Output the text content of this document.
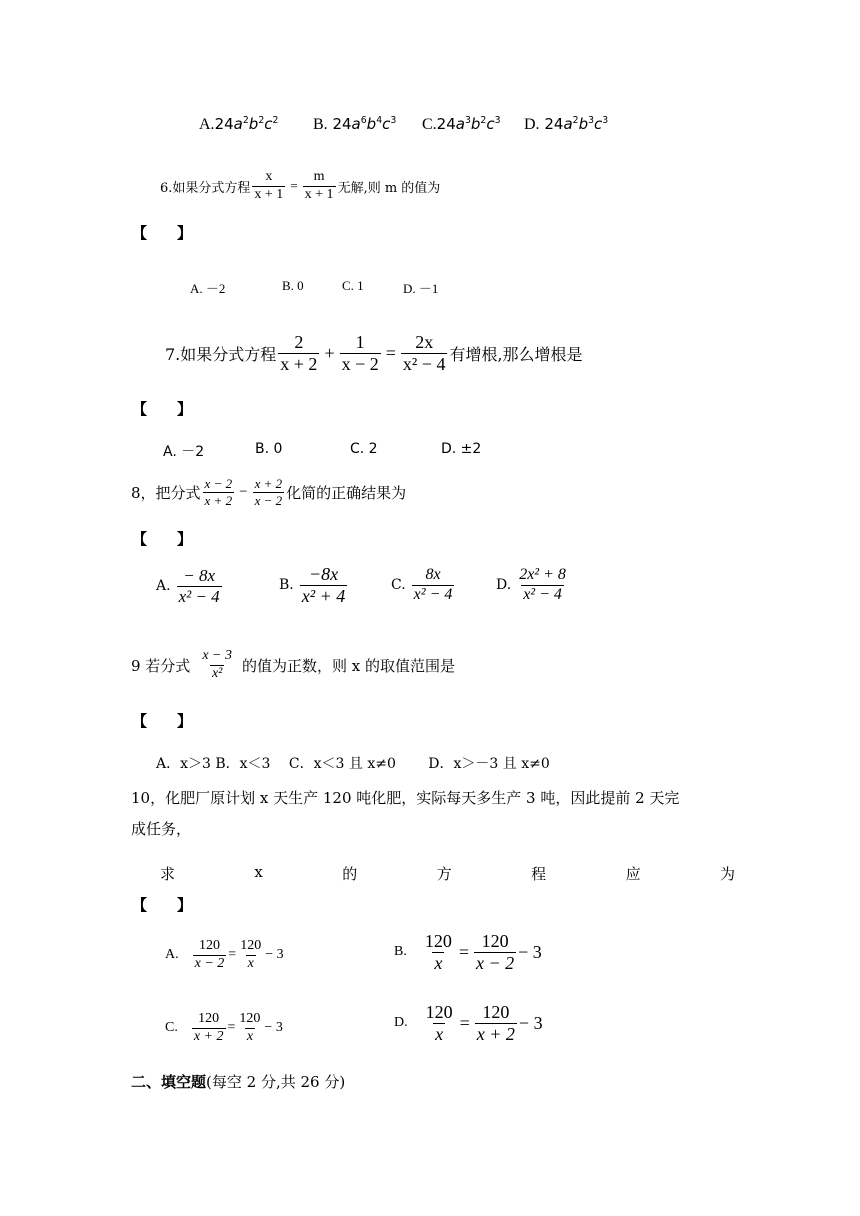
$A.24a^2b^2c^2$ B. $24a^6b^4c^3$ $C.24a^3b^2c^3$ D. $24a^2b^3c^3$
6.如果分式方程 $\frac{x}{x + 1} = \frac{m}{x + 1}$ 无解,则 m 的值为
【　　】
A. －2	B. 0	C. 1	D. －1
7.如果分式方程 $\frac{2}{x + 2} + \frac{1}{x - 2} = \frac{2x}{\text{x² − 4}}$ 有增根,那么增根是
【　　】
A. －2	B. 0	C. 2	D. ±2
8，把分式 $\frac{x - 2}{x + 2} - \frac{x + 2}{x - 2}$ 化简的正确结果为
【　　】
A. $\frac{- 8x}{\text{x² − 4}}$	B. $\frac{-8x}{\text{x² + 4}}$	C. $\frac{8x}{\text{x² − 4}}$	D. $\frac{\text{2x² + 8}}{\text{x² − 4}}$
9 若分式 $\frac{x - 3}{\text{x²}}$ 的值为正数，则 x 的取值范围是
【　　】
A．x＞3 B．x＜3　 C．x＜3 且 x≠0　　 D．x＞－3 且 x≠0
10，化肥厂原计划 x 天生产 120 吨化肥，实际每天多生产 3 吨，因此提前 2 天完
成任务，
求	x	的	方	程	应	为
【　　】
A. $\frac{120}{x - 2} = \frac{120}{x} - 3$	B. $\frac{120}{x} = \frac{120}{x - 2} - 3$
C. $\frac{120}{x + 2} = \frac{120}{x} - 3$	D. $\frac{120}{x} = \frac{120}{x + 2} - 3$
二、填空题(每空 2 分,共 26 分)
